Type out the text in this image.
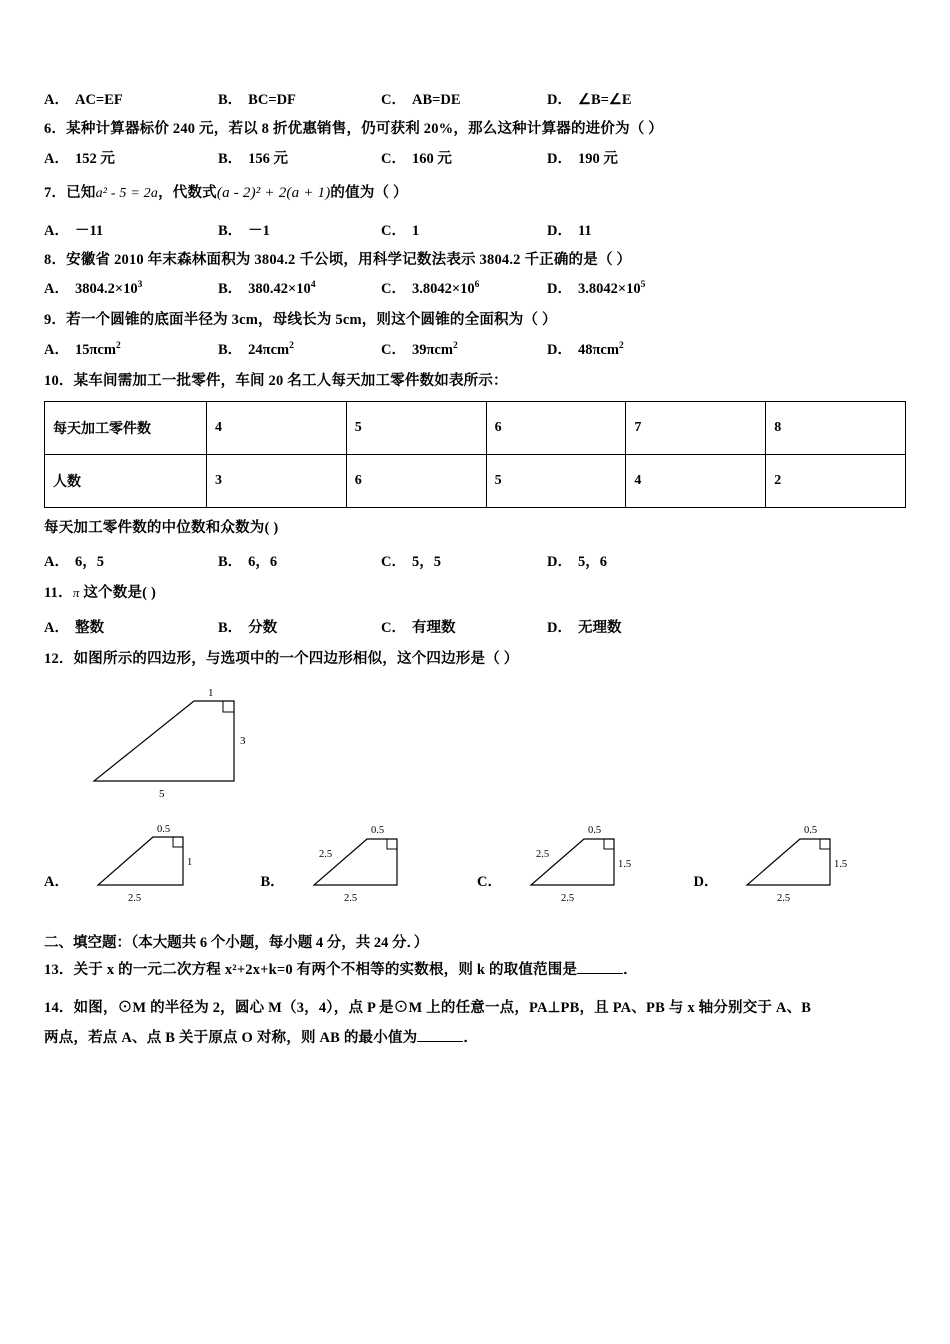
A． AC=EF	B． BC=DF	C． AB=DE	D． ∠B=∠E
6．某种计算器标价 240 元，若以 8 折优惠销售，仍可获利 20%，那么这种计算器的进价为（ ）
A． 152 元	B． 156 元	C． 160 元	D． 190 元
7．已知a² - 5 = 2a，代数式(a - 2)² + 2(a + 1)的值为（ ）
A． －11	B． －1	C． 1	D． 11
8．安徽省 2010 年末森林面积为 3804.2 千公顷，用科学记数法表示 3804.2 千正确的是（ ）
A． $3804.2\times 10^3$	B． $380.42\times 10^4$	C． $3.8042\times 10^6$	D． $3.8042\times 10^5$
9．若一个圆锥的底面半径为 3cm，母线长为 5cm，则这个圆锥的全面积为（ ）
A． 15πcm$^2$	B． 24πcm$^2$	C． 39πcm$^2$	D． 48πcm$^2$
10．某车间需加工一批零件，车间 20 名工人每天加工零件数如表所示：
每天加工零件数	4	5	6	7	8
人数	3	6	5	4	2
每天加工零件数的中位数和众数为( )
A． 6，5	B． 6，6	C． 5，5	D． 5，6
11．π 这个数是( )
A． 整数	B． 分数	C． 有理数	D． 无理数
12．如图所示的四边形，与选项中的一个四边形相似，这个四边形是（ ）
1
3
5
A．
0.5
1
2.5
B．
0.5
2.5
2.5
C．
0.5
2.5
1.5
2.5
D．
0.5
1.5
2.5
二、填空题：（本大题共 6 个小题，每小题 4 分，共 24 分．）
13．关于 x 的一元二次方程 x²+2x+k=0 有两个不相等的实数根，则 k 的取值范围是	．
14．如图，⊙M 的半径为 2，圆心 M（3，4），点 P 是⊙M 上的任意一点，PA⊥PB，且 PA、PB 与 x 轴分别交于 A、B
两点，若点 A、点 B 关于原点 O 对称，则 AB 的最小值为	．
